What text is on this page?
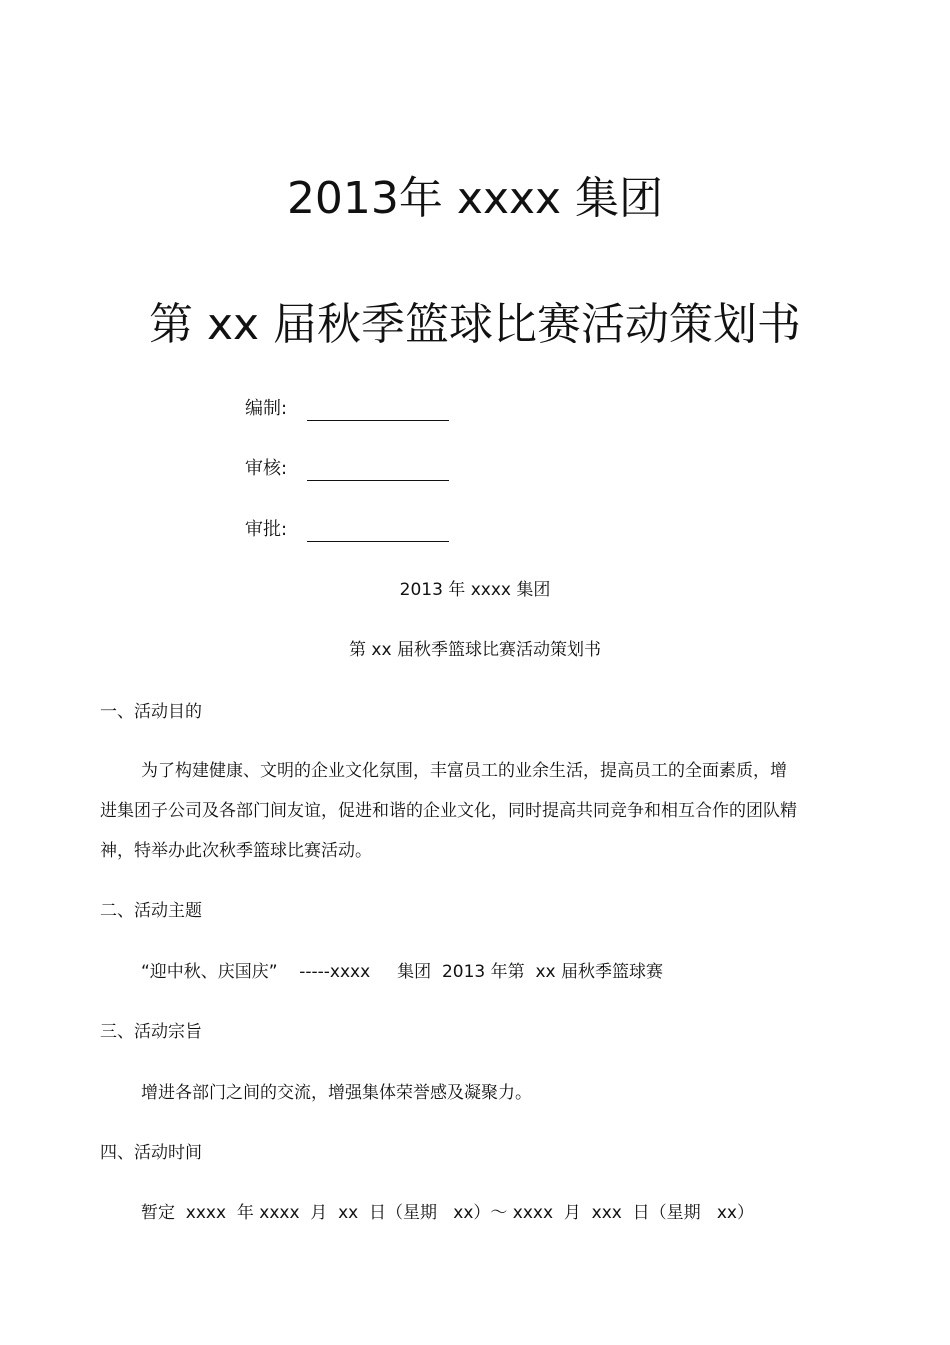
2013年 xxxx 集团
第 xx 届秋季篮球比赛活动策划书
编制:
审核:
审批:
2013 年 xxxx 集团
第 xx 届秋季篮球比赛活动策划书
一、活动目的
为了构建健康、文明的企业文化氛围，丰富员工的业余生活，提高员工的全面素质，增进集团子公司及各部门间友谊，促进和谐的企业文化，同时提高共同竞争和相互合作的团队精神，特举办此次秋季篮球比赛活动。
二、活动主题
“迎中秋、庆国庆”    -----xxxx     集团  2013 年第  xx 届秋季篮球赛
三、活动宗旨
增进各部门之间的交流，增强集体荣誉感及凝聚力。
四、活动时间
暂定  xxxx  年 xxxx  月  xx  日（星期   xx）～ xxxx  月  xxx  日（星期   xx）
